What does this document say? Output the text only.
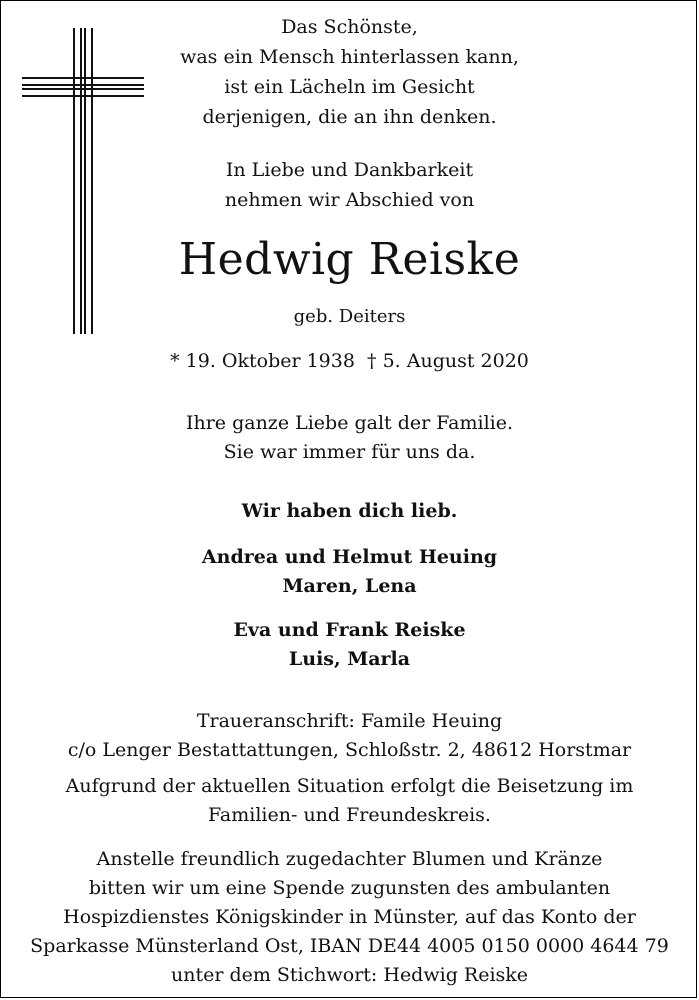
Das Schönste,
was ein Mensch hinterlassen kann,
ist ein Lächeln im Gesicht
derjenigen, die an ihn denken.
In Liebe und Dankbarkeit
nehmen wir Abschied von
Hedwig Reiske
geb. Deiters
* 19. Oktober 1938  † 5. August 2020
Ihre ganze Liebe galt der Familie.
Sie war immer für uns da.
Wir haben dich lieb.
Andrea und Helmut Heuing
Maren, Lena
Eva und Frank Reiske
Luis, Marla
Traueranschrift: Famile Heuing
c/o Lenger Bestattattungen, Schloßstr. 2, 48612 Horstmar
Aufgrund der aktuellen Situation erfolgt die Beisetzung im
Familien- und Freundeskreis.
Anstelle freundlich zugedachter Blumen und Kränze
bitten wir um eine Spende zugunsten des ambulanten
Hospizdienstes Königskinder in Münster, auf das Konto der
Sparkasse Münsterland Ost, IBAN DE44 4005 0150 0000 4644 79
unter dem Stichwort: Hedwig Reiske
